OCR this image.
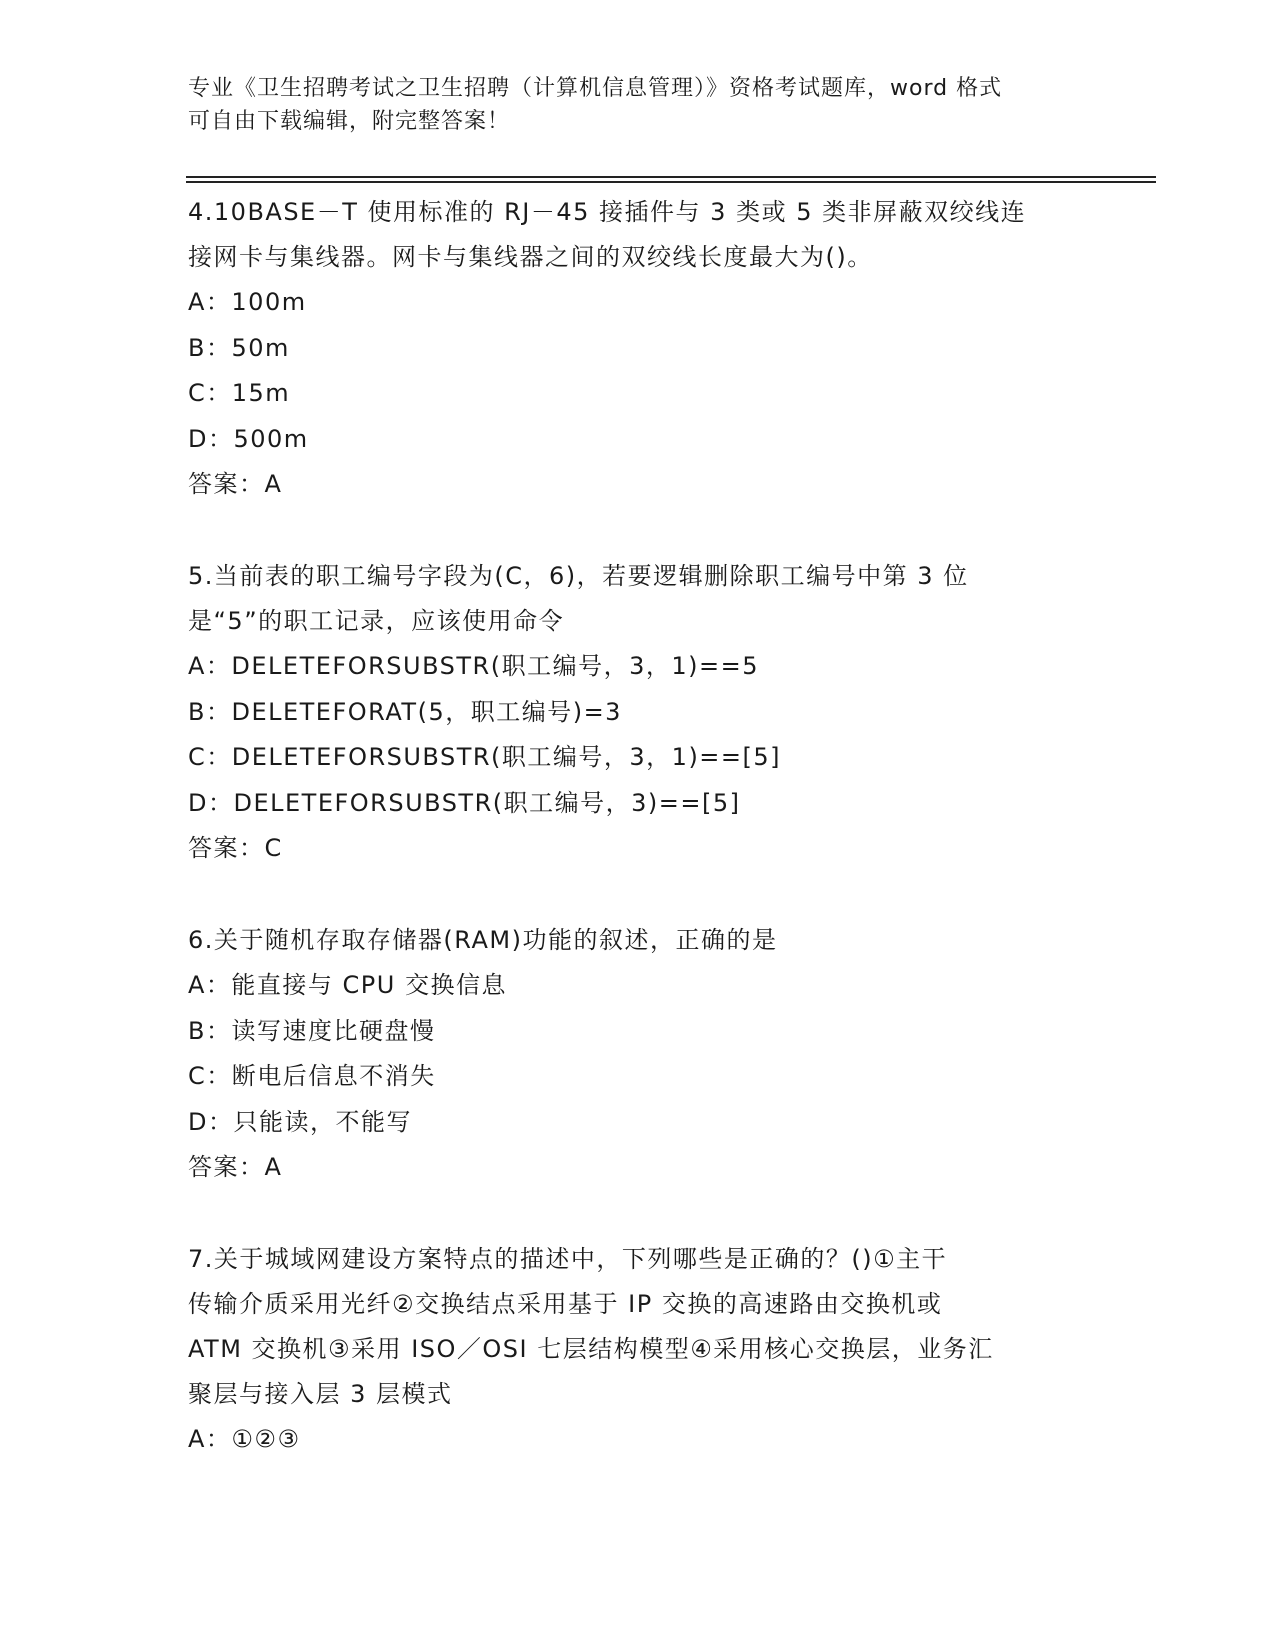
专业《卫生招聘考试之卫生招聘（计算机信息管理）》资格考试题库，word 格式
可自由下载编辑，附完整答案！

4.10BASE－T 使用标准的 RJ－45 接插件与 3 类或 5 类非屏蔽双绞线连

接网卡与集线器。网卡与集线器之间的双绞线长度最大为()。

A：100m

B：50m

C：15m

D：500m

答案：A

5.当前表的职工编号字段为(C，6)，若要逻辑删除职工编号中第 3 位

是“5”的职工记录，应该使用命令

A：DELETEFORSUBSTR(职工编号，3，1)==5

B：DELETEFORAT(5，职工编号)=3

C：DELETEFORSUBSTR(职工编号，3，1)==[5]

D：DELETEFORSUBSTR(职工编号，3)==[5]

答案：C

6.关于随机存取存储器(RAM)功能的叙述，正确的是

A：能直接与 CPU 交换信息

B：读写速度比硬盘慢

C：断电后信息不消失

D：只能读，不能写

答案：A

7.关于城域网建设方案特点的描述中，下列哪些是正确的？()①主干

传输介质采用光纤②交换结点采用基于 IP 交换的高速路由交换机或

ATM 交换机③采用 ISO／OSI 七层结构模型④采用核心交换层，业务汇

聚层与接入层 3 层模式

A：①②③
